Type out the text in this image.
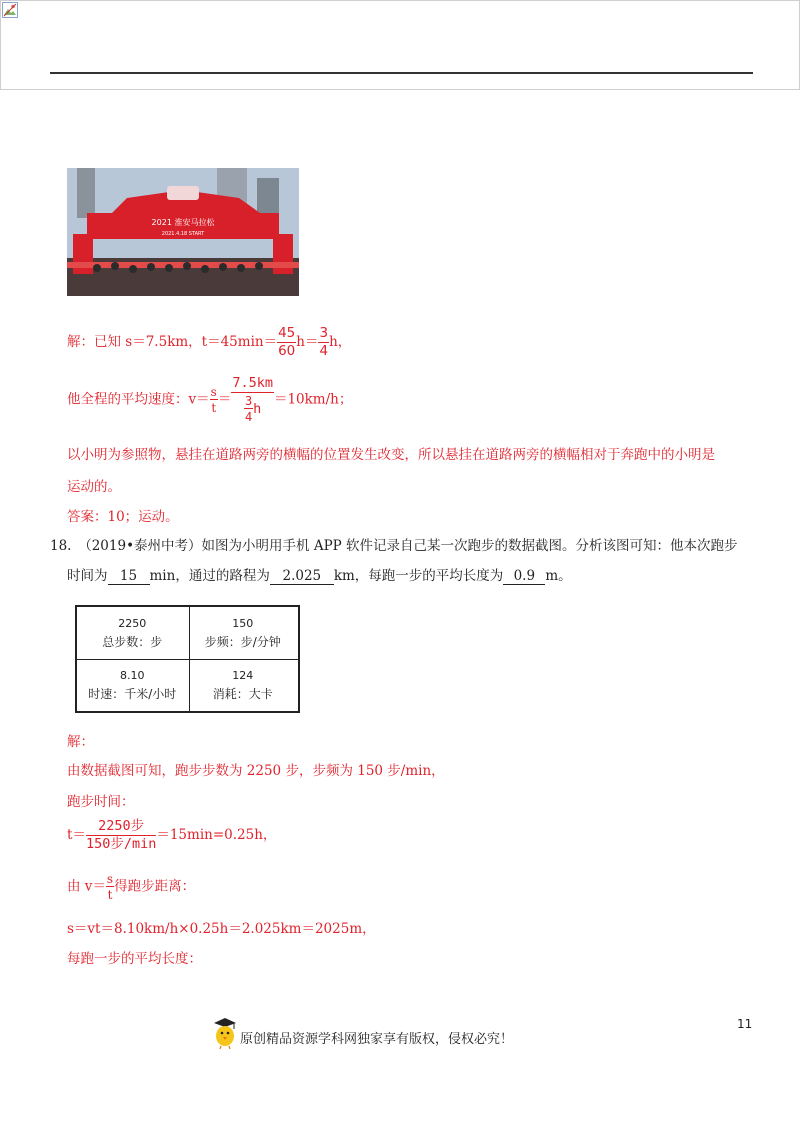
2021 淮安马拉松
2021.4.18 START
解：已知 s＝7.5km，$t=45\min= \frac{45}{60} h= \frac{3}{4}$ h，
他全程的平均速度：$v= \frac{s}{t} = \frac{7.5km}{\frac{3}{4} h} =10km/h$；
以小明为参照物，悬挂在道路两旁的横幅的位置发生改变，所以悬挂在道路两旁的横幅相对于奔跑中的小明是
运动的。
答案：10；运动。
18.　（2019•泰州中考）如图为小明用手机 APP 软件记录自己某一次跑步的数据截图。分析该图可知：他本次跑步
时间为 15 min，通过的路程为 2.025 km，每跑一步的平均长度为 0.9 m。
2250
总步数：步
150
步频：步/分钟
8.10
时速：千米/小时
124
消耗：大卡
解：
由数据截图可知，跑步步数为 2250 步，步频为 150 步/min，
跑步时间：
$t= \frac{\text{2250步}}{\text{150步/min}} =15\min=0.25h$，
由 $v= \frac{s}{t}$ 得跑步距离：
s＝vt＝8.10km/h×0.25h＝2.025km＝2025m，
每跑一步的平均长度：
原创精品资源学科网独家享有版权，侵权必究！
11
